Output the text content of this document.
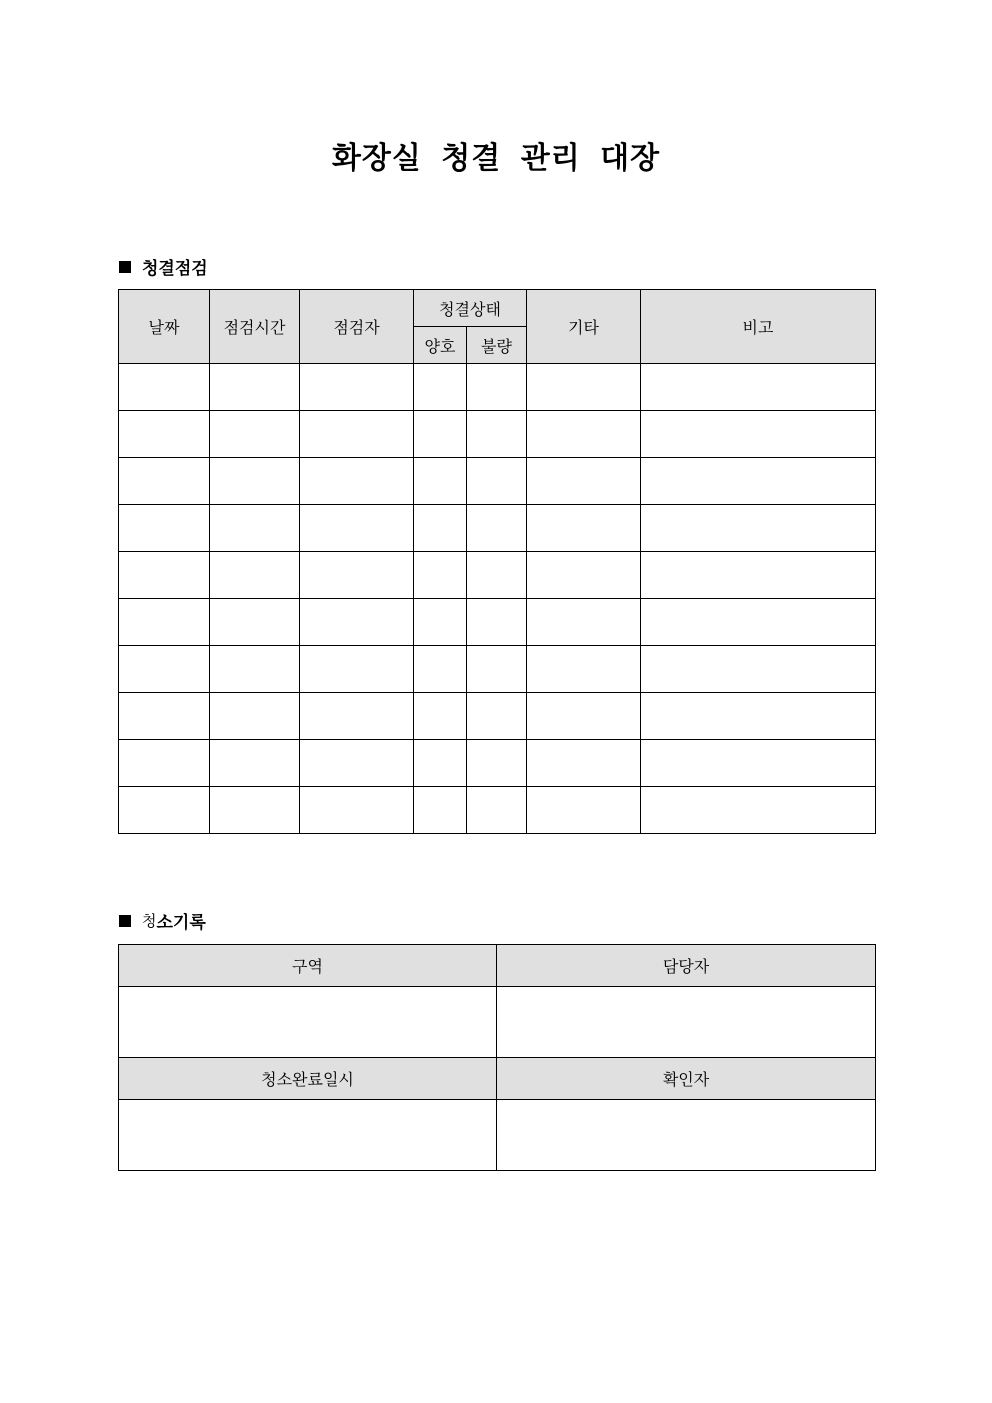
화장실 청결 관리 대장
청결점검
날짜	점검시간	점검자	청결상태		기타	비고
			양호	불량		

청 소기록
구역	담당자

청소완료일시	확인자
